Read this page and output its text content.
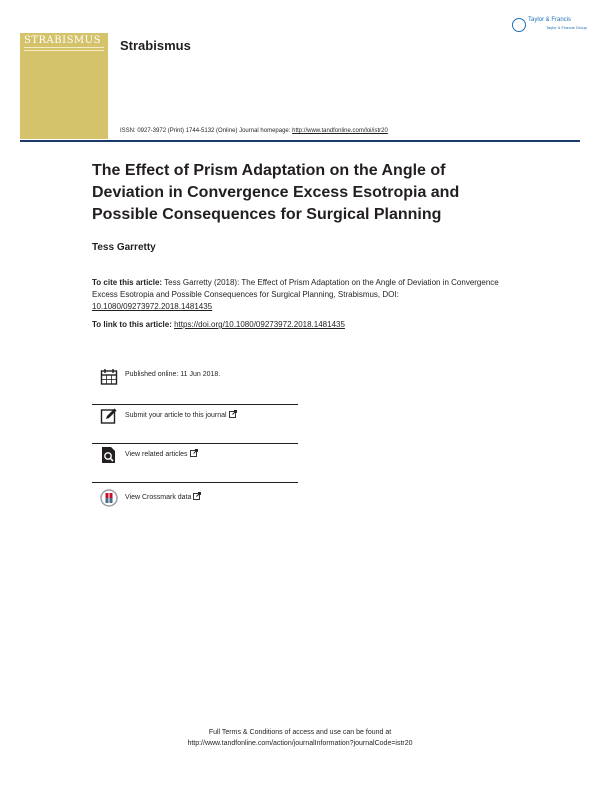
STRABISMUS Strabismus
Taylor & Francis
Taylor & Francis Group
ISSN: 0927-3972 (Print) 1744-5132 (Online) Journal homepage: http://www.tandfonline.com/loi/istr20
The Effect of Prism Adaptation on the Angle of Deviation in Convergence Excess Esotropia and Possible Consequences for Surgical Planning
Tess Garretty
To cite this article: Tess Garretty (2018): The Effect of Prism Adaptation on the Angle of Deviation in Convergence Excess Esotropia and Possible Consequences for Surgical Planning, Strabismus, DOI: 10.1080/09273972.2018.1481435
To link to this article: https://doi.org/10.1080/09273972.2018.1481435
Published online: 11 Jun 2018.
Submit your article to this journal
View related articles
View Crossmark data
Full Terms & Conditions of access and use can be found at
http://www.tandfonline.com/action/journalInformation?journalCode=istr20
